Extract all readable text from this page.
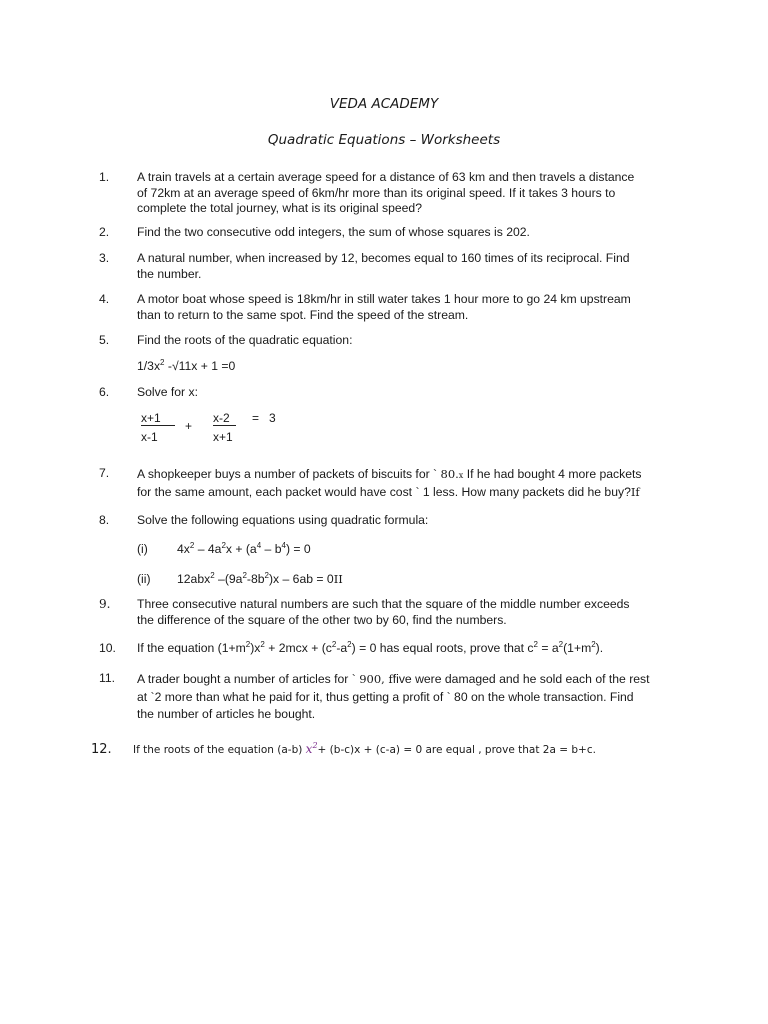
VEDA ACADEMY
Quadratic Equations – Worksheets
1. A train travels at a certain average speed for a distance of 63 km and then travels a distance

of 72km at an average speed of 6km/hr more than its original speed. If it takes 3 hours to

complete the total journey, what is its original speed?

2. Find the two consecutive odd integers, the sum of whose squares is 202.

3. A natural number, when increased by 12, becomes equal to 160 times of its reciprocal. Find

the number.

4. A motor boat whose speed is 18km/hr in still water takes 1 hour more to go 24 km upstream

than to return to the same spot. Find the speed of the stream.

5. Find the roots of the quadratic equation:

$1/3x^2$ -√11x + 1 =0
6. Solve for x:

x+1
x-1
+
x-2
x+1
=   3
7. A shopkeeper buys a number of packets of biscuits for ` 80.x If he had bought 4 more packets

for the same amount, each packet would have cost ` 1 less. How many packets did he buy?If

8. Solve the following equations using quadratic formula:

(i) $4x^2 - 4a^2x + (a^4 - b^4) = 0$
(ii) 12abx$^2$ $-(9a^2-8b^2)x - 6ab = 0II$
9. Three consecutive natural numbers are such that the square of the middle number exceeds

the difference of the square of the other two by 60, find the numbers.

10. If the equation $(1+m^2)x^2 + 2mcx + (c^2-a^2) = 0$ has equal roots, prove that $c^2 = a^2(1+m^2)$.
11. A trader bought a number of articles for ` 900, ffive were damaged and he sold each of the rest

at `2 more than what he paid for it, thus getting a profit of ` 80 on the whole transaction. Find

the number of articles he bought.

12. If the roots of the equation (a-b) $x^2+ (b-c)x + (c-a) = 0$ are equal , prove that 2a = b+c.
